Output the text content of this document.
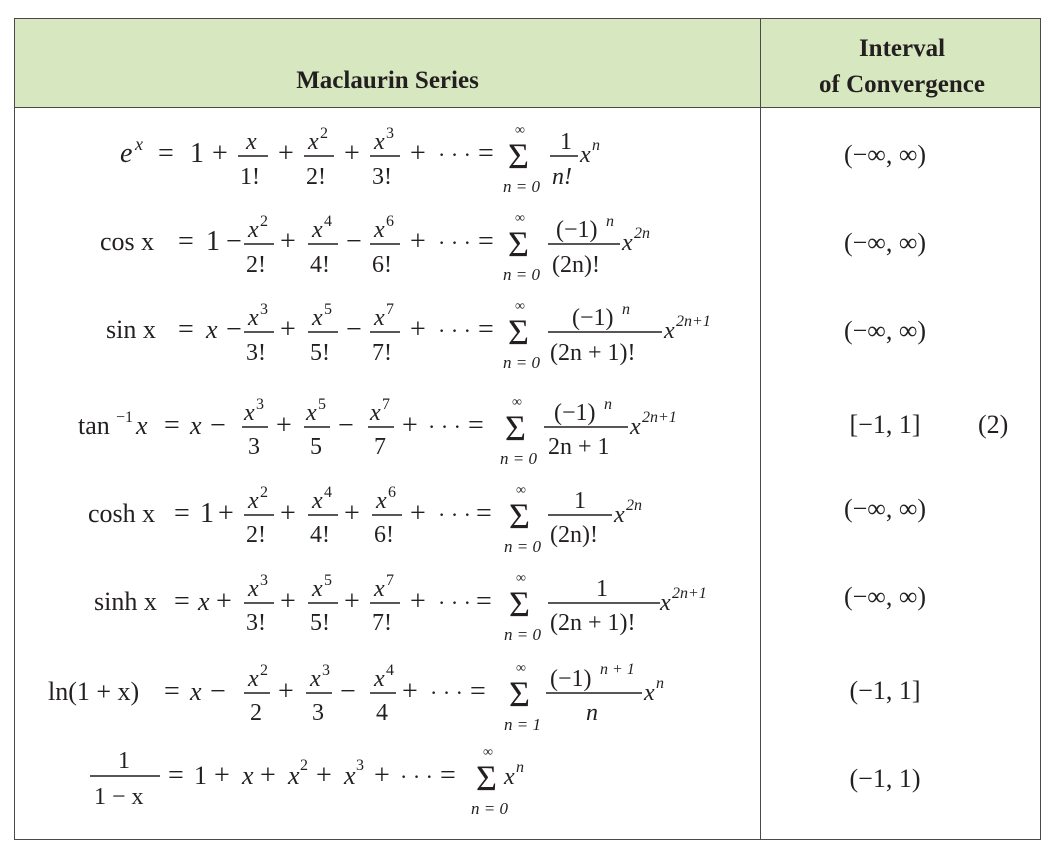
Maclaurin Series
Interval
of Convergence
e x = 1 + x
1!
+ x 2
2!
+ x 3
3!
+ · · · =
∞
Σ
n = 0
1
n!
x n	(−∞, ∞)
cos x = 1 − x 2
2!
+ x 4
4!
− x 6
6!
+ · · · =
∞
Σ
n = 0
(−1) n
(2n)!
x 2n	(−∞, ∞)
sin x = x − x 3
3!
+ x 5
5!
− x 7
7!
+ · · · =
∞
Σ
n = 0
(−1) n
(2n + 1)!
x 2n+1	(−∞, ∞)
tan −1 x = x − x 3
3
+ x 5
5
− x 7
7
+ · · · =
∞
Σ
n = 0
(−1) n
2n + 1
x 2n+1	[−1, 1]	(2)
cosh x = 1 + x 2
2!
+ x 4
4!
+ x 6
6!
+ · · · =
∞
Σ
n = 0
1
(2n)!
x 2n	(−∞, ∞)
sinh x = x + x 3
3!
+ x 5
5!
+ x 7
7!
+ · · · =
∞
Σ
n = 0
1
(2n + 1)!
x 2n+1	(−∞, ∞)
ln(1 + x) = x − x 2
2
+ x 3
3
− x 4
4
+ · · · =
∞
Σ
n = 1
(−1) n + 1
n
x n	(−1, 1]
1
1 − x
= 1 + x + x 2 + x 3 + · · · =
∞
Σ
n = 0
x n	(−1, 1)
